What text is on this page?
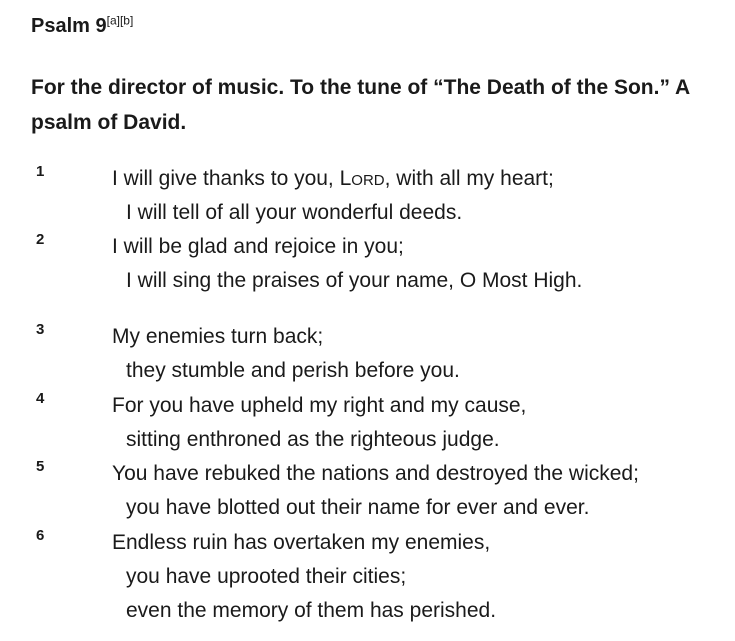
Psalm 9[a][b]
For the director of music. To the tune of “The Death of the Son.” A psalm of David.
1	I will give thanks to you, Lord, with all my heart;
I will tell of all your wonderful deeds.
2	I will be glad and rejoice in you;
I will sing the praises of your name, O Most High.
3	My enemies turn back;
they stumble and perish before you.
4	For you have upheld my right and my cause,
sitting enthroned as the righteous judge.
5	You have rebuked the nations and destroyed the wicked;
you have blotted out their name for ever and ever.
6	Endless ruin has overtaken my enemies,
you have uprooted their cities;
even the memory of them has perished.
